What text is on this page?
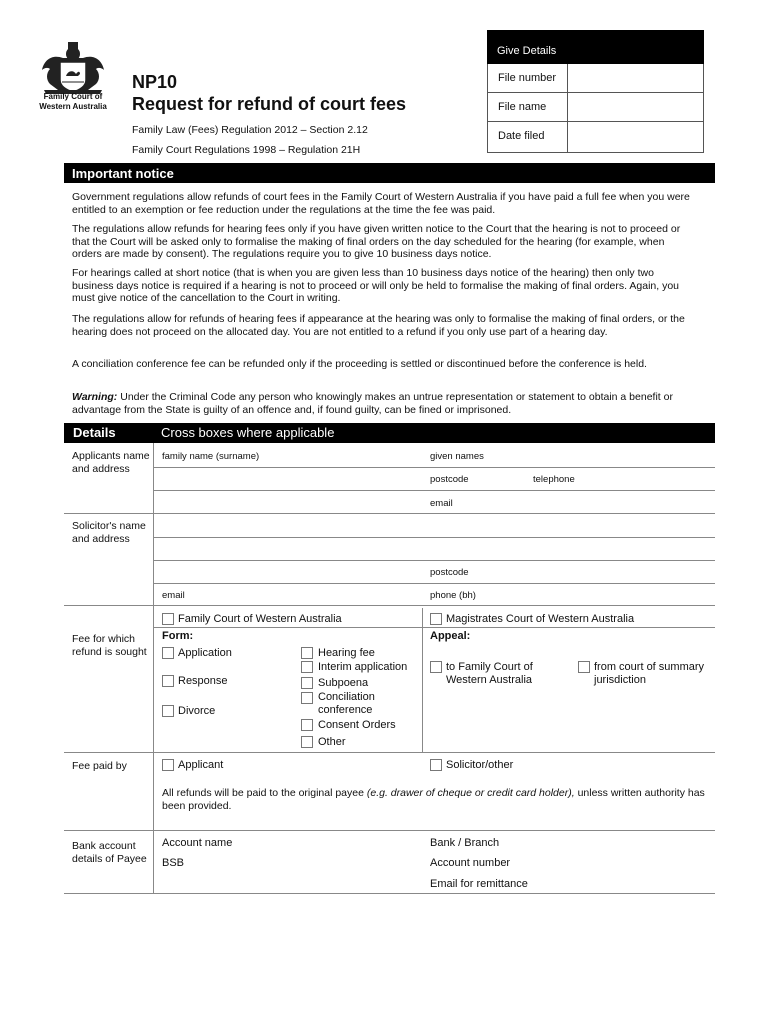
Family Court of Western Australia
NP10
Request for refund of court fees
Family Law (Fees) Regulation 2012 – Section 2.12
Family Court Regulations 1998 – Regulation 21H
Give Details
File number
File name
Date filed
Important notice
Government regulations allow refunds of court fees in the Family Court of Western Australia if you have paid a full fee when you were entitled to an exemption or fee reduction under the regulations at the time the fee was paid.
The regulations allow refunds for hearing fees only if you have given written notice to the Court that the hearing is not to proceed or that the Court will be asked only to formalise the making of final orders on the day scheduled for the hearing (for example, when orders are made by consent). The regulations require you to give 10 business days notice.
For hearings called at short notice (that is when you are given less than 10 business days notice of the hearing) then only two business days notice is required if a hearing is not to proceed or will only be held to formalise the making of final orders. Again, you must give notice of the cancellation to the Court in writing.
The regulations allow for refunds of hearing fees if appearance at the hearing was only to formalise the making of final orders, or the hearing does not proceed on the allocated day. You are not entitled to a refund if you only use part of a hearing day.
A conciliation conference fee can be refunded only if the proceeding is settled or discontinued before the conference is held.
Warning: Under the Criminal Code any person who knowingly makes an untrue representation or statement to obtain a benefit or advantage from the State is guilty of an offence and, if found guilty, can be fined or imprisoned.
Details	Cross boxes where applicable
Applicants name and address
family name (surname)	given names
postcode	telephone
email
Solicitor's name and address
postcode
email	phone (bh)
Fee for which refund is sought
Family Court of Western Australia	Magistrates Court of Western Australia
Form:	Appeal:
Application
Response
Divorce
Hearing fee
Interim application
Subpoena
Conciliation conference
Consent Orders
Other
to Family Court of Western Australia
from court of summary jurisdiction
Fee paid by	Applicant	Solicitor/other
All refunds will be paid to the original payee (e.g. drawer of cheque or credit card holder), unless written authority has been provided.
Bank account details of Payee
Account name	Bank / Branch
BSB	Account number
Email for remittance
